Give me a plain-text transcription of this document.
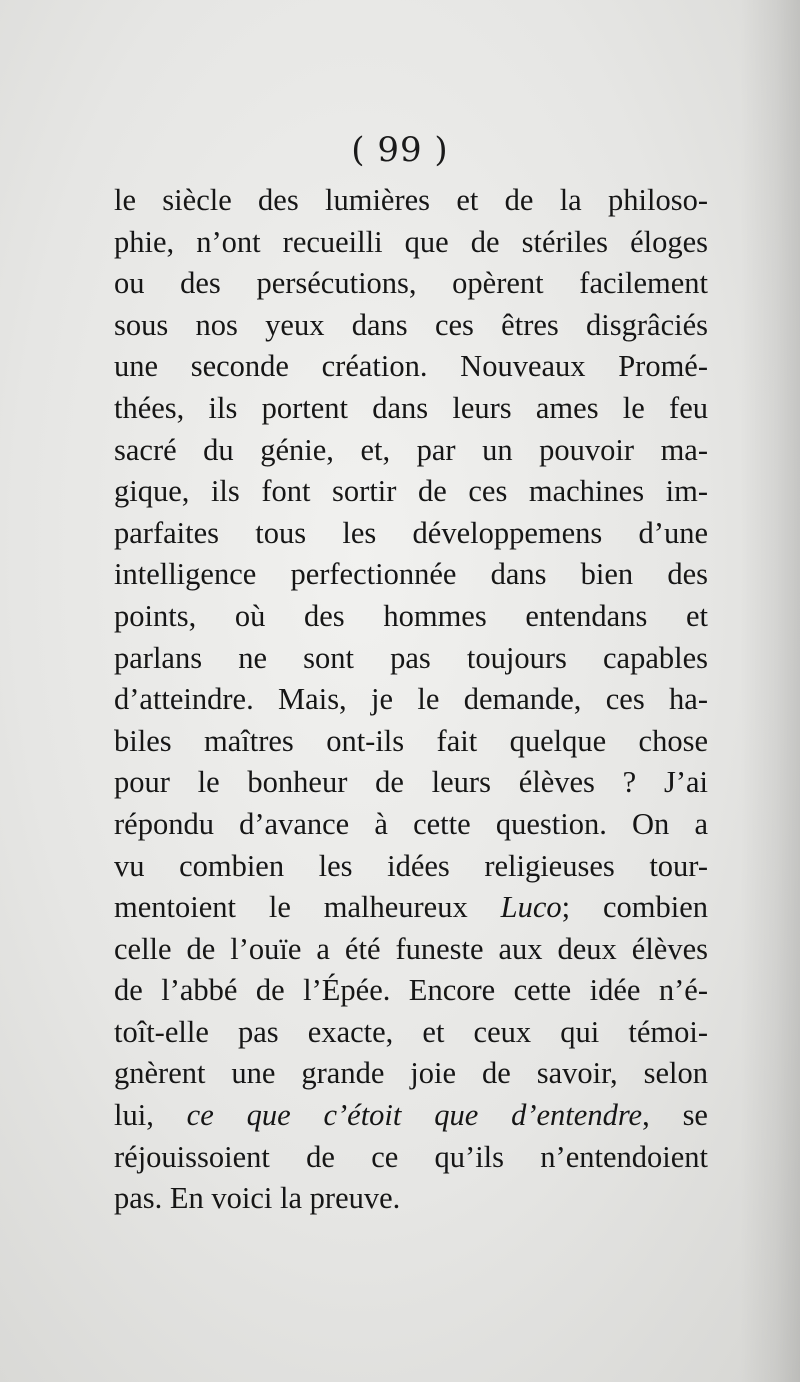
( 99 )
le siècle des lumières et de la philoso-
phie, n’ont recueilli que de stériles éloges
ou des persécutions, opèrent facilement
sous nos yeux dans ces êtres disgrâciés
une seconde création. Nouveaux Promé-
thées, ils portent dans leurs ames le feu
sacré du génie, et, par un pouvoir ma-
gique, ils font sortir de ces machines im-
parfaites tous les développemens d’une
intelligence perfectionnée dans bien des
points, où des hommes entendans et
parlans ne sont pas toujours capables
d’atteindre. Mais, je le demande, ces ha-
biles maîtres ont-ils fait quelque chose
pour le bonheur de leurs élèves ? J’ai
répondu d’avance à cette question. On a
vu combien les idées religieuses tour-
mentoient le malheureux Luco; combien
celle de l’ouïe a été funeste aux deux élèves
de l’abbé de l’Épée. Encore cette idée n’é-
toît-elle pas exacte, et ceux qui témoi-
gnèrent une grande joie de savoir, selon
lui, ce que c’étoit que d’entendre, se
réjouissoient de ce qu’ils n’entendoient
pas. En voici la preuve.
